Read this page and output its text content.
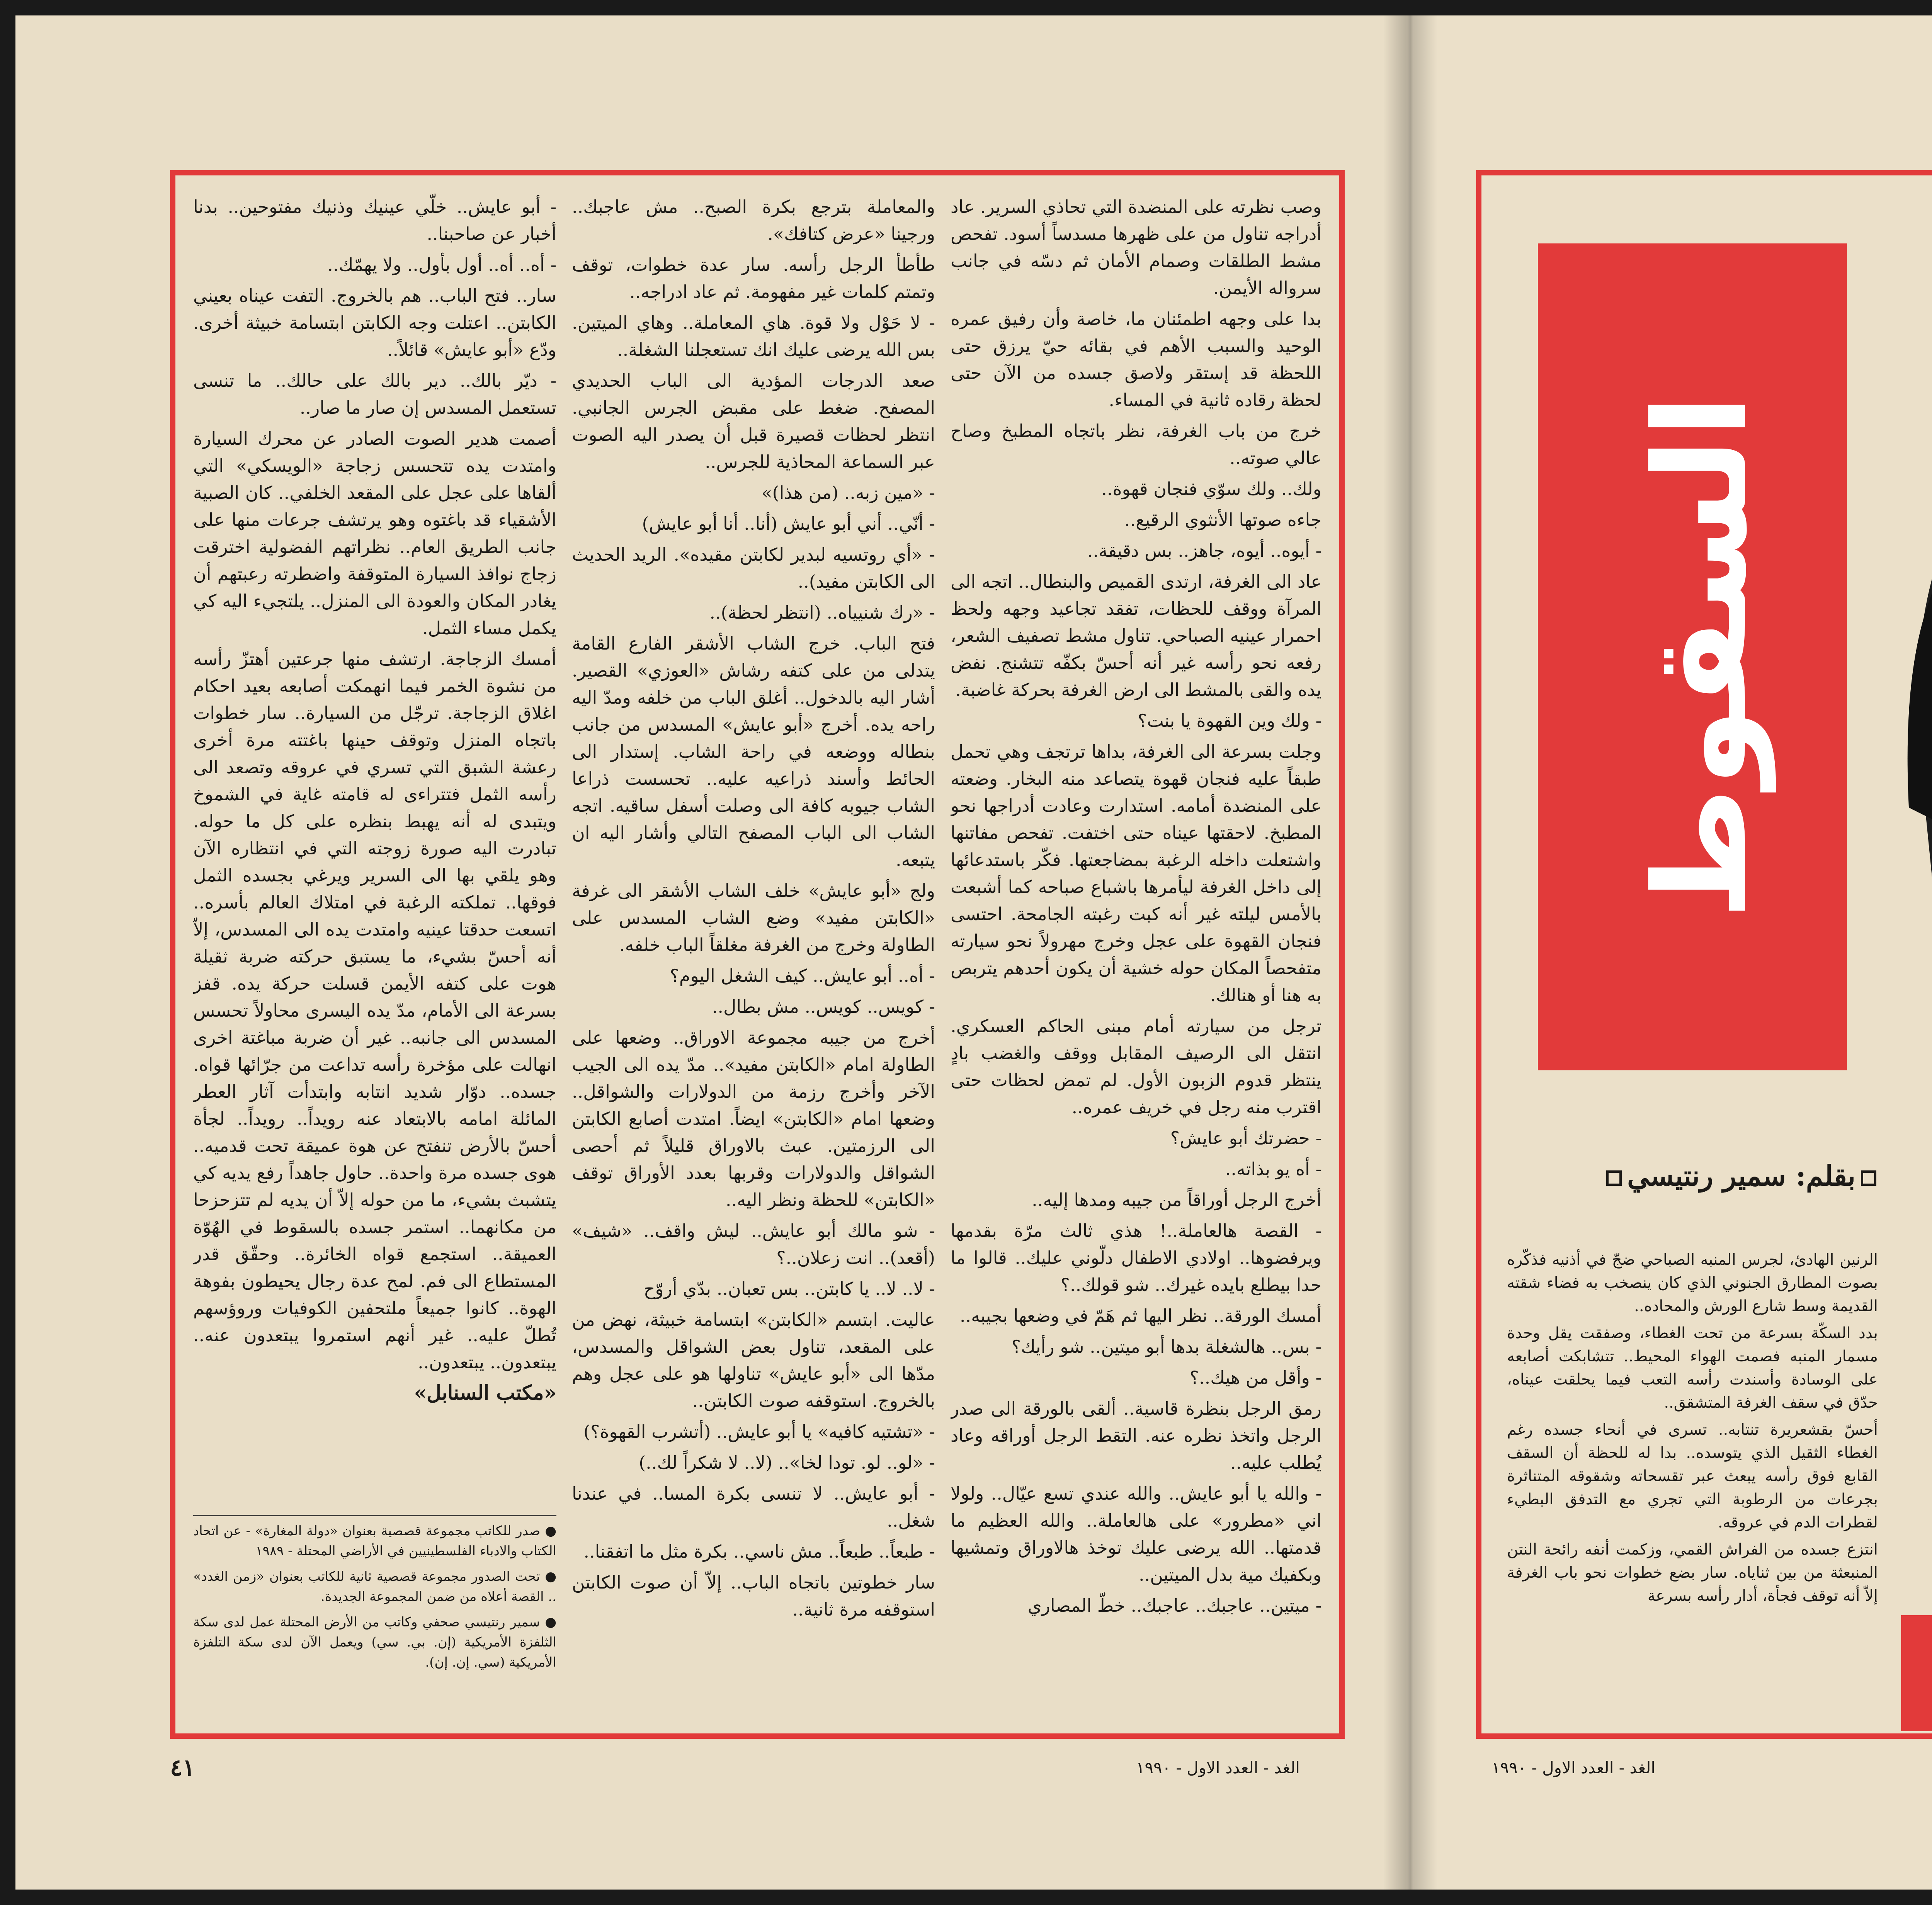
- أبو عايش.. خلّي عينيك وذنيك مفتوحين.. بدنا أخبار عن صاحبنا..

- أه.. أه.. أول بأول.. ولا يهمّك..

سار.. فتح الباب.. هم بالخروج. التفت عيناه بعيني الكابتن.. اعتلت وجه الكابتن ابتسامة خبيثة أخرى. ودّع «أبو عايش» قائلاً..

- ديّر بالك.. دير بالك على حالك.. ما تنسى تستعمل المسدس إن صار ما صار..

أصمت هدير الصوت الصادر عن محرك السيارة وامتدت يده تتحسس زجاجة «الويسكي» التي ألقاها على عجل على المقعد الخلفي.. كان الصبية الأشقياء قد باغتوه وهو يرتشف جرعات منها على جانب الطريق العام.. نظراتهم الفضولية اخترقت زجاج نوافذ السيارة المتوقفة واضطرته رعبتهم أن يغادر المكان والعودة الى المنزل.. يلتجيء اليه كي يكمل مساء الثمل.

أمسك الزجاجة. ارتشف منها جرعتين أهتزّ رأسه من نشوة الخمر فيما انهمكت أصابعه بعيد احكام اغلاق الزجاجة. ترجّل من السيارة.. سار خطوات باتجاه المنزل وتوقف حينها باغتته مرة أخرى رعشة الشبق التي تسري في عروقه وتصعد الى رأسه الثمل فتتراءى له قامته غاية في الشموخ ويتبدى له أنه يهبط بنظره على كل ما حوله. تبادرت اليه صورة زوجته التي في انتظاره الآن وهو يلقي بها الى السرير ويرغي بجسده الثمل فوقها.. تملكته الرغبة في امتلاك العالم بأسره.. اتسعت حدقتا عينيه وامتدت يده الى المسدس، إلاّ أنه أحسّ بشيء، ما يستبق حركته ضربة ثقيلة هوت على كتفه الأيمن قسلت حركة يده. قفز بسرعة الى الأمام، مدّ يده اليسرى محاولاً تحسس المسدس الى جانبه.. غير أن ضربة مباغتة اخرى انهالت على مؤخرة رأسه تداعت من جرّائها قواه. جسده.. دوّار شديد انتابه وابتدأت آثار العطر المائلة امامه بالابتعاد عنه رويداً.. رويداً.. لجأة أحسّ بالأرض تنفتح عن هوة عميقة تحت قدميه.. هوى جسده مرة واحدة.. حاول جاهداً رفع يديه كي يتشبث بشيء، ما من حوله إلاّ أن يديه لم تتزحزحا من مكانهما.. استمر جسده بالسقوط في الهُوّة العميقة.. استجمع قواه الخائرة.. وحقّق قدر المستطاع الى فم. لمح عدة رجال يحيطون بفوهة الهوة.. كانوا جميعاً ملتحفين الكوفيات وروؤسهم تُطلّ عليه.. غير أنهم استمروا يبتعدون عنه.. يبتعدون.. يبتعدون..

«مكتب السنابل»

● صدر للكاتب مجموعة قصصية بعنوان «دولة المغارة» - عن اتحاد الكتاب والادباء الفلسطينيين في الأراضي المحتلة - ١٩٨٩

● تحت الصدور مجموعة قصصية ثانية للكاتب بعنوان «زمن الغدد» .. القصة أعلاه من ضمن المجموعة الجديدة.

● سمير رنتيسي صحفي وكاتب من الأرض المحتلة عمل لدى سكة الثلفزة الأمريكية (إن. بي. سي) ويعمل الآن لدى سكة التلفزة الأمريكية (سي. إن. إن).

والمعاملة بترجع بكرة الصبح.. مش عاجبك.. ورجينا «عرض كتافك».

طأطأ الرجل رأسه. سار عدة خطوات، توقف وتمتم كلمات غير مفهومة. ثم عاد ادراجه..

- لا حَوْل ولا قوة. هاي المعاملة.. وهاي الميتين. بس الله يرضى عليك انك تستعجلنا الشغلة..

صعد الدرجات المؤدية الى الباب الحديدي المصفح. ضغط على مقبض الجرس الجانبي. انتظر لحظات قصيرة قبل أن يصدر اليه الصوت عبر السماعة المحاذية للجرس..

- «مين زبه.. (من هذا)»

- أنّي.. أني أبو عايش (أنا.. أنا أبو عايش)

- «أي روتسيه لبدير لكابتن مقيده». الريد الحديث الى الكابتن مفيد)..

- «رك شنيياه.. (انتظر لحظة)..

فتح الباب. خرج الشاب الأشقر الفارع القامة يتدلى من على كتفه رشاش «العوزي» القصير. أشار اليه بالدخول.. أغلق الباب من خلفه ومدّ اليه راحه يده. أخرج «أبو عايش» المسدس من جانب بنطاله ووضعه في راحة الشاب. إستدار الى الحائط وأسند ذراعيه عليه.. تحسست ذراعا الشاب جيوبه كافة الى وصلت أسفل ساقيه. اتجه الشاب الى الباب المصفح التالي وأشار اليه ان يتبعه.

ولج «أبو عايش» خلف الشاب الأشقر الى غرفة «الكابتن مفيد» وضع الشاب المسدس على الطاولة وخرج من الغرفة مغلقاً الباب خلفه.

- أه.. أبو عايش.. كيف الشغل اليوم؟

- كويس.. كويس.. مش بطال..

أخرج من جيبه مجموعة الاوراق.. وضعها على الطاولة امام «الكابتن مفيد».. مدّ يده الى الجيب الآخر وأخرج رزمة من الدولارات والشواقل.. وضعها امام «الكابتن» ايضاً. امتدت أصابع الكابتن الى الرزمتين. عبث بالاوراق قليلاً ثم أحصى الشواقل والدولارات وقربها بعدد الأوراق توقف «الكابتن» للحظة ونظر اليه..

- شو مالك أبو عايش.. ليش واقف.. «شيف» (أقعد).. انت زعلان..؟

- لا.. لا.. يا كابتن.. بس تعبان.. بدّي أروّح

عاليت. ابتسم «الكابتن» ابتسامة خبيثة، نهض من على المقعد، تناول بعض الشواقل والمسدس، مدّها الى «أبو عايش» تناولها هو على عجل وهم بالخروج. استوقفه صوت الكابتن..

- «تشتيه كافيه» يا أبو عايش.. (أتشرب القهوة؟)

- «لو.. لو. تودا لخا».. (لا.. لا شكراً لك..)

- أبو عايش.. لا تنسى بكرة المسا.. في عندنا شغل..

- طبعاً.. طبعاً.. مش ناسي.. بكرة مثل ما اتفقنا..

سار خطوتين باتجاه الباب.. إلاّ أن صوت الكابتن استوقفه مرة ثانية..

وصب نظرته على المنضدة التي تحاذي السرير. عاد أدراجه تناول من على ظهرها مسدساً أسود. تفحص مشط الطلقات وصمام الأمان ثم دسّه في جانب سرواله الأيمن.

بدا على وجهه اطمئنان ما، خاصة وأن رفيق عمره الوحيد والسبب الأهم في بقائه حيّ يرزق حتى اللحظة قد إستقر ولاصق جسده من الآن حتى لحظة رقاده ثانية في المساء.

خرج من باب الغرفة، نظر باتجاه المطبخ وصاح عالي صوته..

ولك.. ولك سوّي فنجان قهوة..

جاءه صوتها الأنثوي الرقيع..

- أيوه.. أيوه، جاهز.. بس دقيقة..

عاد الى الغرفة، ارتدى القميص والبنطال.. اتجه الى المرآة ووقف للحظات، تفقد تجاعيد وجهه ولحظ احمرار عينيه الصباحي. تناول مشط تصفيف الشعر، رفعه نحو رأسه غير أنه أحسّ بكفّه تتشنج. نفض يده والقى بالمشط الى ارض الغرفة بحركة غاضبة.

- ولك وين القهوة يا بنت؟

وجلت بسرعة الى الغرفة، بداها ترتجف وهي تحمل طبقاً عليه فنجان قهوة يتصاعد منه البخار. وضعته على المنضدة أمامه. استدارت وعادت أدراجها نحو المطبخ. لاحقتها عيناه حتى اختفت. تفحص مفاتنها واشتعلت داخله الرغبة بمضاجعتها. فكّر باستدعائها إلى داخل الغرفة ليأمرها باشباع صباحه كما أشبعت بالأمس ليلته غير أنه كبت رغبته الجامحة. احتسى فنجان القهوة على عجل وخرج مهرولاً نحو سيارته متفحصاً المكان حوله خشية أن يكون أحدهم يتربص به هنا أو هنالك.

ترجل من سيارته أمام مبنى الحاكم العسكري. انتقل الى الرصيف المقابل ووقف والغضب بادٍ ينتظر قدوم الزبون الأول. لم تمض لحظات حتى اقترب منه رجل في خريف عمره..

- حضرتك أبو عايش؟

- أه يو بذاته..

أخرج الرجل أوراقاً من جيبه ومدها إليه..

- القصة هالعاملة..! هذي ثالث مرّة بقدمها ويرفضوها.. اولادي الاطفال دلّوني عليك.. قالوا ما حدا بيطلع بايده غيرك.. شو قولك..؟

أمسك الورقة.. نظر اليها ثم هَمّ في وضعها بجيبه..

- بس.. هالشغلة بدها أبو ميتين.. شو رأيك؟

- وأقل من هيك..؟

رمق الرجل بنظرة قاسية.. ألقى بالورقة الى صدر الرجل واتخذ نظره عنه. التقط الرجل أوراقه وعاد يُطلب عليه..

- والله يا أبو عايش.. والله عندي تسع عيّال.. ولولا اني «مطرور» على هالعاملة.. والله العظيم ما قدمتها.. الله يرضى عليك توخذ هالاوراق وتمشيها وبكفيك مية بدل الميتين..

- ميتين.. عاجبك.. عاجبك.. خطّ المصاري

٤١	الغد - العدد الاول - ١٩٩٠
السقوط
بقلم: سمير رنتيسي

الرنين الهادئ، لجرس المنبه الصباحي ضجّ في أذنيه فذكّره بصوت المطارق الجنوني الذي كان ينصخب به فضاء شقته القديمة وسط شارع الورش والمحاده..

بدد السكّة بسرعة من تحت الغطاء، وصفقت يقل وحدة مسمار المنبه فصمت الهواء المحيط.. تتشابكت أصابعه على الوسادة وأسندت رأسه التعب فيما يحلقت عيناه، حدّق في سقف الغرفة المتشقق..

أحسّ بقشعريرة تنتابه.. تسرى في أنحاء جسده رغم الغطاء الثقيل الذي يتوسده.. بدا له للحظة أن السقف القابع فوق رأسه يبعث عبر تقسحاته وشقوقه المتناثرة بجرعات من الرطوبة التي تجري مع التدفق البطيء لقطرات الدم في عروقه.

انتزع جسده من الفراش القمي، وزكمت أنفه رائحة النتن المنبعثة من بين ثناياه. سار بضع خطوات نحو باب الغرفة إلاّ أنه توقف فجأة، أدار رأسه بسرعة

الغد - العدد الاول - ١٩٩٠
